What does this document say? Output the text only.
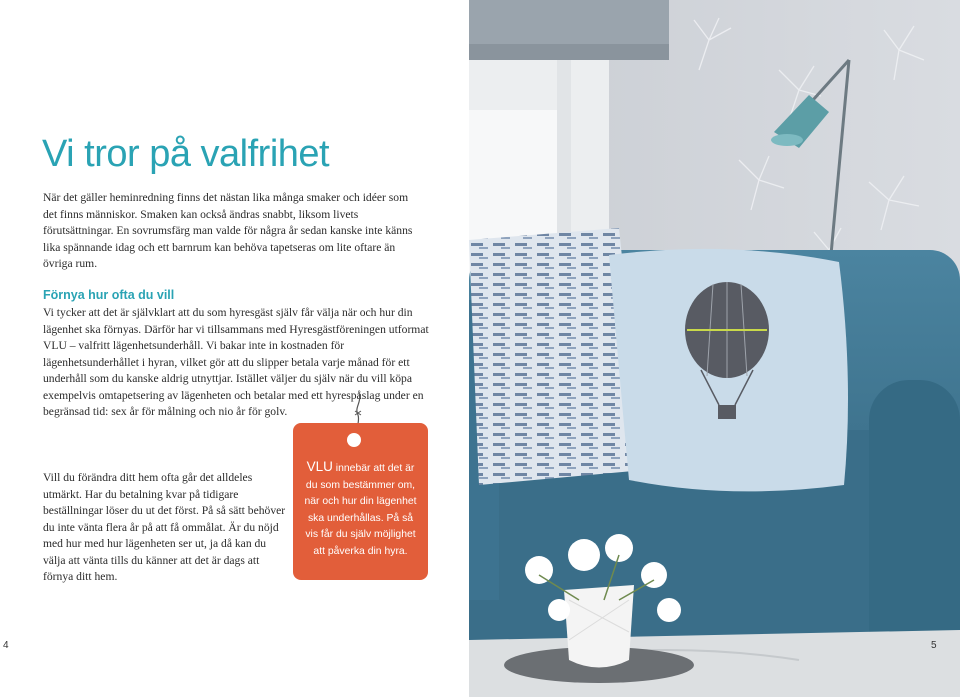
Vi tror på valfrihet

När det gäller heminredning finns det nästan lika många smaker och idéer som det finns människor. Smaken kan också ändras snabbt, liksom livets förutsättningar. En sovrumsfärg man valde för några år sedan kanske inte känns lika spännande idag och ett barnrum kan behöva tapetseras om lite oftare än övriga rum.

Förnya hur ofta du vill

Vi tycker att det är självklart att du som hyresgäst själv får välja när och hur din lägenhet ska förnyas. Därför har vi tillsammans med Hyresgästföreningen utformat VLU – valfritt lägenhetsunderhåll. Vi bakar inte in kostnaden för lägenhetsunderhållet i hyran, vilket gör att du slipper betala varje månad för ett underhåll som du kanske aldrig utnyttjar. Istället väljer du själv när du vill köpa exempelvis omtapetsering av lägenheten och betalar med ett hyrespåslag under en begränsad tid: sex år för målning och nio år för golv.

Vill du förändra ditt hem ofta går det alldeles utmärkt. Har du betalning kvar på tidigare beställningar löser du ut det först. På så sätt behöver du inte vänta flera år på att få ommålat. Är du nöjd med hur med hur lägenheten ser ut, ja då kan du välja att vänta tills du känner att det är dags att förnya ditt hem.

VLU innebär att det är du som bestämmer om, när och hur din lägenhet ska underhållas. På så vis får du själv möjlighet att påverka din hyra.

4	5
